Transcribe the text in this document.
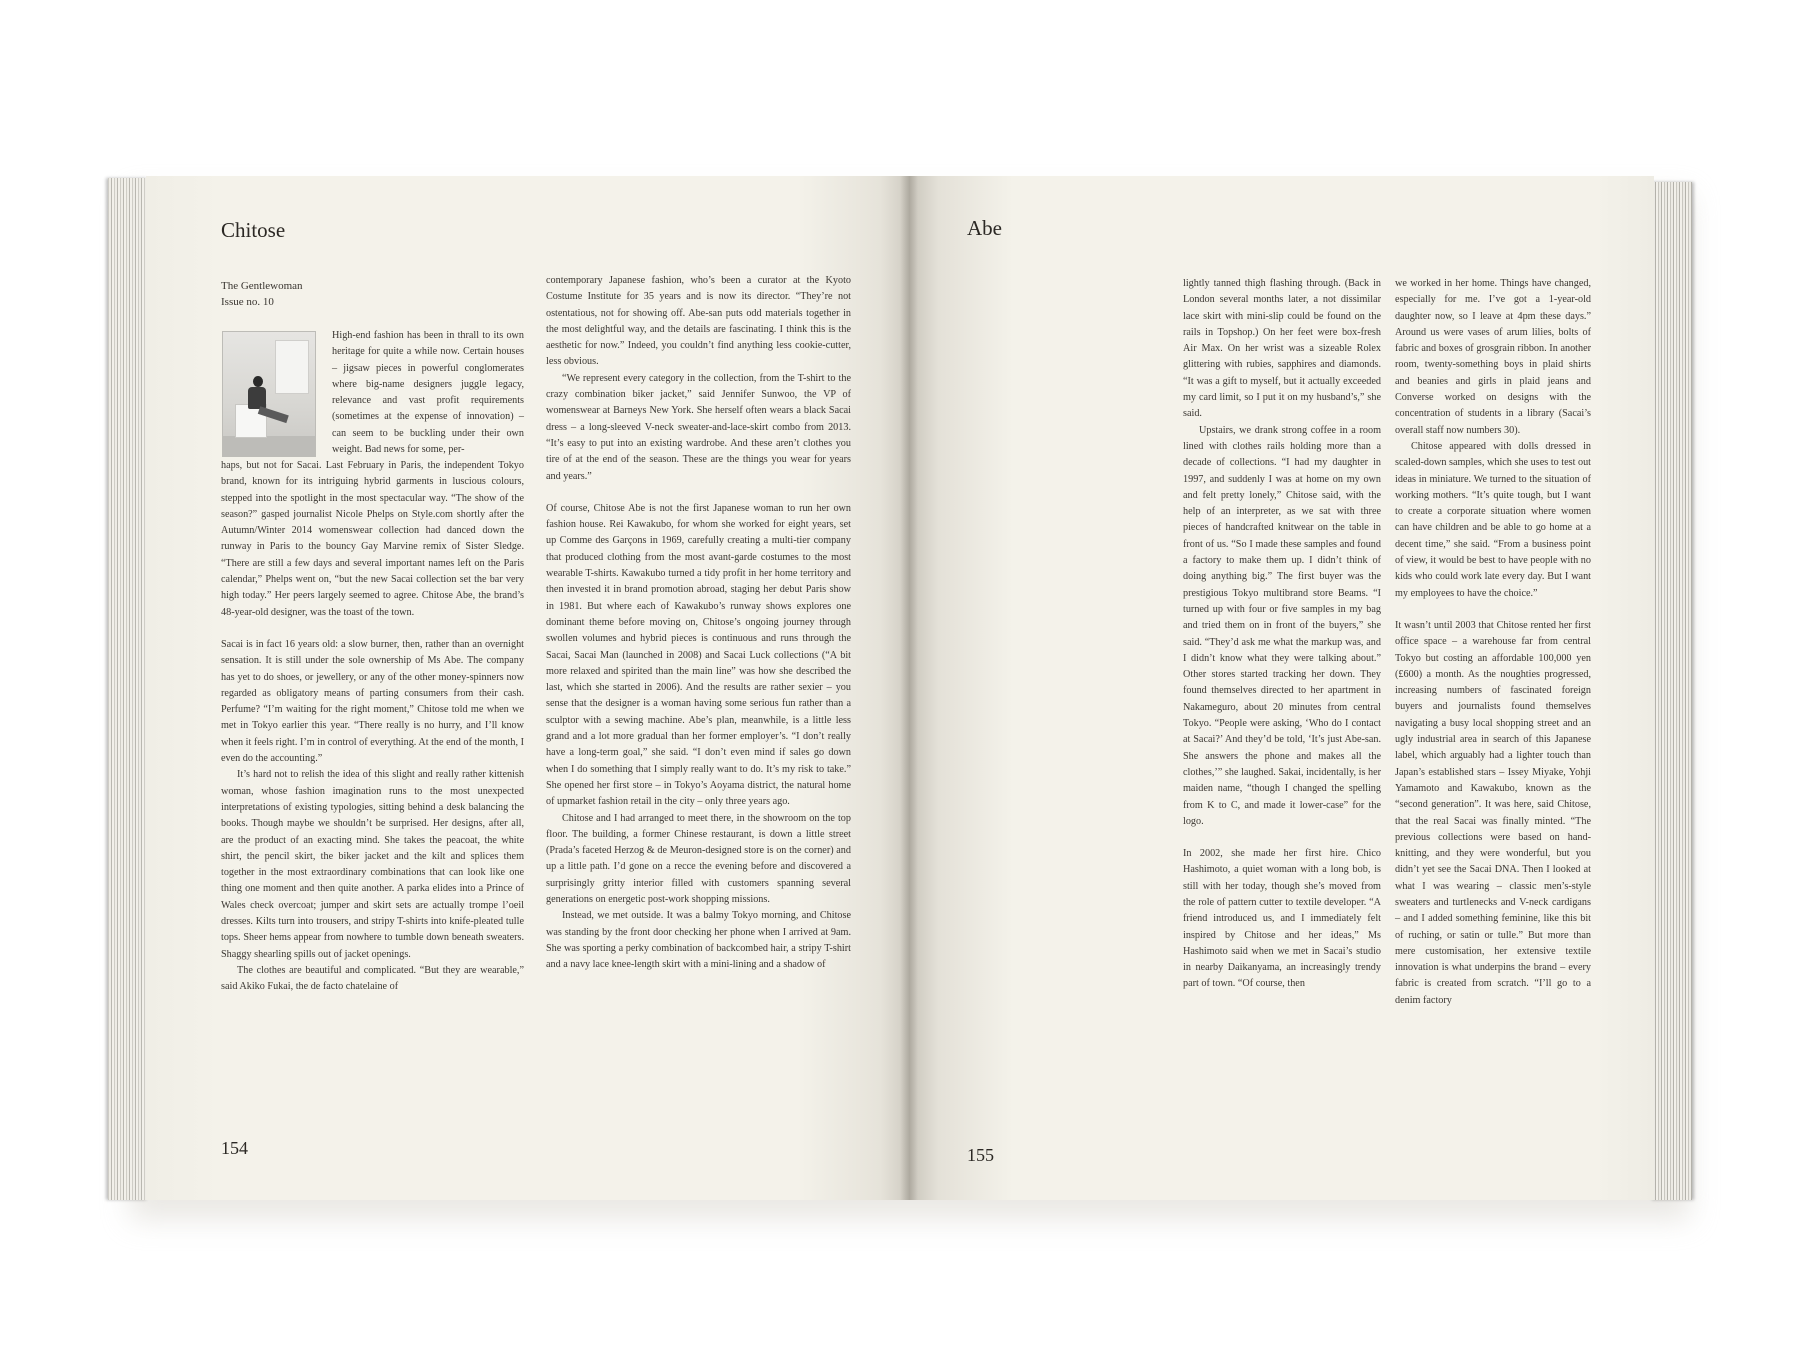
Chitose
The Gentlewoman
Issue no. 10
High-end fashion has been in thrall to its own heritage for quite a while now. Certain houses – jigsaw pieces in powerful conglomerates where big-name designers juggle legacy, relevance and vast profit requirements (sometimes at the expense of innovation) – can seem to be buckling under their own weight. Bad news for some, per-

haps, but not for Sacai. Last February in Paris, the independent Tokyo brand, known for its intriguing hybrid garments in luscious colours, stepped into the spotlight in the most spectacular way. “The show of the season?” gasped journalist Nicole Phelps on Style.com shortly after the Autumn/Winter 2014 womenswear collection had danced down the runway in Paris to the bouncy Gay Marvine remix of Sister Sledge. “There are still a few days and several important names left on the Paris calendar,” Phelps went on, “but the new Sacai collection set the bar very high today.” Her peers largely seemed to agree. Chitose Abe, the brand’s 48-year-old designer, was the toast of the town.

Sacai is in fact 16 years old: a slow burner, then, rather than an overnight sensation. It is still under the sole ownership of Ms Abe. The company has yet to do shoes, or jewellery, or any of the other money-spinners now regarded as obligatory means of parting consumers from their cash. Perfume? “I’m waiting for the right moment,” Chitose told me when we met in Tokyo earlier this year. “There really is no hurry, and I’ll know when it feels right. I’m in control of everything. At the end of the month, I even do the accounting.”

It’s hard not to relish the idea of this slight and really rather kittenish woman, whose fashion imagination runs to the most unexpected interpretations of existing typologies, sitting behind a desk balancing the books. Though maybe we shouldn’t be surprised. Her designs, after all, are the product of an exacting mind. She takes the peacoat, the white shirt, the pencil skirt, the biker jacket and the kilt and splices them together in the most extraordinary combinations that can look like one thing one moment and then quite another. A parka elides into a Prince of Wales check overcoat; jumper and skirt sets are actually trompe l’oeil dresses. Kilts turn into trousers, and stripy T-shirts into knife-pleated tulle tops. Sheer hems appear from nowhere to tumble down beneath sweaters. Shaggy shearling spills out of jacket openings.

The clothes are beautiful and complicated. “But they are wearable,” said Akiko Fukai, the de facto chatelaine of

contemporary Japanese fashion, who’s been a curator at the Kyoto Costume Institute for 35 years and is now its director. “They’re not ostentatious, not for showing off. Abe-san puts odd materials together in the most delightful way, and the details are fascinating. I think this is the aesthetic for now.” Indeed, you couldn’t find anything less cookie-cutter, less obvious.

“We represent every category in the collection, from the T-shirt to the crazy combination biker jacket,” said Jennifer Sunwoo, the VP of womenswear at Barneys New York. She herself often wears a black Sacai dress – a long-sleeved V-neck sweater-and-lace-skirt combo from 2013. “It’s easy to put into an existing wardrobe. And these aren’t clothes you tire of at the end of the season. These are the things you wear for years and years.”

Of course, Chitose Abe is not the first Japanese woman to run her own fashion house. Rei Kawakubo, for whom she worked for eight years, set up Comme des Garçons in 1969, carefully creating a multi-tier company that produced clothing from the most avant-garde costumes to the most wearable T-shirts. Kawakubo turned a tidy profit in her home territory and then invested it in brand promotion abroad, staging her debut Paris show in 1981. But where each of Kawakubo’s runway shows explores one dominant theme before moving on, Chitose’s ongoing journey through swollen volumes and hybrid pieces is continuous and runs through the Sacai, Sacai Man (launched in 2008) and Sacai Luck collections (“A bit more relaxed and spirited than the main line” was how she described the last, which she started in 2006). And the results are rather sexier – you sense that the designer is a woman having some serious fun rather than a sculptor with a sewing machine. Abe’s plan, meanwhile, is a little less grand and a lot more gradual than her former employer’s. “I don’t really have a long-term goal,” she said. “I don’t even mind if sales go down when I do something that I simply really want to do. It’s my risk to take.” She opened her first store – in Tokyo’s Aoyama district, the natural home of upmarket fashion retail in the city – only three years ago.

Chitose and I had arranged to meet there, in the showroom on the top floor. The building, a former Chinese restaurant, is down a little street (Prada’s faceted Herzog & de Meuron-designed store is on the corner) and up a little path. I’d gone on a recce the evening before and discovered a surprisingly gritty interior filled with customers spanning several generations on energetic post-work shopping missions.

Instead, we met outside. It was a balmy Tokyo morning, and Chitose was standing by the front door checking her phone when I arrived at 9am. She was sporting a perky combination of backcombed hair, a stripy T-shirt and a navy lace knee-length skirt with a mini-lining and a shadow of

154
Abe

lightly tanned thigh flashing through. (Back in London several months later, a not dissimilar lace skirt with mini-slip could be found on the rails in Topshop.) On her feet were box-fresh Air Max. On her wrist was a sizeable Rolex glittering with rubies, sapphires and diamonds. “It was a gift to myself, but it actually exceeded my card limit, so I put it on my husband’s,” she said.

Upstairs, we drank strong coffee in a room lined with clothes rails holding more than a decade of collections. “I had my daughter in 1997, and suddenly I was at home on my own and felt pretty lonely,” Chitose said, with the help of an interpreter, as we sat with three pieces of handcrafted knitwear on the table in front of us. “So I made these samples and found a factory to make them up. I didn’t think of doing anything big.” The first buyer was the prestigious Tokyo multibrand store Beams. “I turned up with four or five samples in my bag and tried them on in front of the buyers,” she said. “They’d ask me what the markup was, and I didn’t know what they were talking about.” Other stores started tracking her down. They found themselves directed to her apartment in Nakameguro, about 20 minutes from central Tokyo. “People were asking, ‘Who do I contact at Sacai?’ And they’d be told, ‘It’s just Abe-san. She answers the phone and makes all the clothes,’” she laughed. Sakai, incidentally, is her maiden name, “though I changed the spelling from K to C, and made it lower-case” for the logo.

In 2002, she made her first hire. Chico Hashimoto, a quiet woman with a long bob, is still with her today, though she’s moved from the role of pattern cutter to textile developer. “A friend introduced us, and I immediately felt inspired by Chitose and her ideas,” Ms Hashimoto said when we met in Sacai’s studio in nearby Daikanyama, an increasingly trendy part of town. “Of course, then

we worked in her home. Things have changed, especially for me. I’ve got a 1-year-old daughter now, so I leave at 4pm these days.” Around us were vases of arum lilies, bolts of fabric and boxes of grosgrain ribbon. In another room, twenty-something boys in plaid shirts and beanies and girls in plaid jeans and Converse worked on designs with the concentration of students in a library (Sacai’s overall staff now numbers 30).

Chitose appeared with dolls dressed in scaled-down samples, which she uses to test out ideas in miniature. We turned to the situation of working mothers. “It’s quite tough, but I want to create a corporate situation where women can have children and be able to go home at a decent time,” she said. “From a business point of view, it would be best to have people with no kids who could work late every day. But I want my employees to have the choice.”

It wasn’t until 2003 that Chitose rented her first office space – a warehouse far from central Tokyo but costing an affordable 100,000 yen (£600) a month. As the noughties progressed, increasing numbers of fascinated foreign buyers and journalists found themselves navigating a busy local shopping street and an ugly industrial area in search of this Japanese label, which arguably had a lighter touch than Japan’s established stars – Issey Miyake, Yohji Yamamoto and Kawakubo, known as the “second generation”. It was here, said Chitose, that the real Sacai was finally minted. “The previous collections were based on hand-knitting, and they were wonderful, but you didn’t yet see the Sacai DNA. Then I looked at what I was wearing – classic men’s-style sweaters and turtlenecks and V-neck cardigans – and I added something feminine, like this bit of ruching, or satin or tulle.” But more than mere customisation, her extensive textile innovation is what underpins the brand – every fabric is created from scratch. “I’ll go to a denim factory

155
